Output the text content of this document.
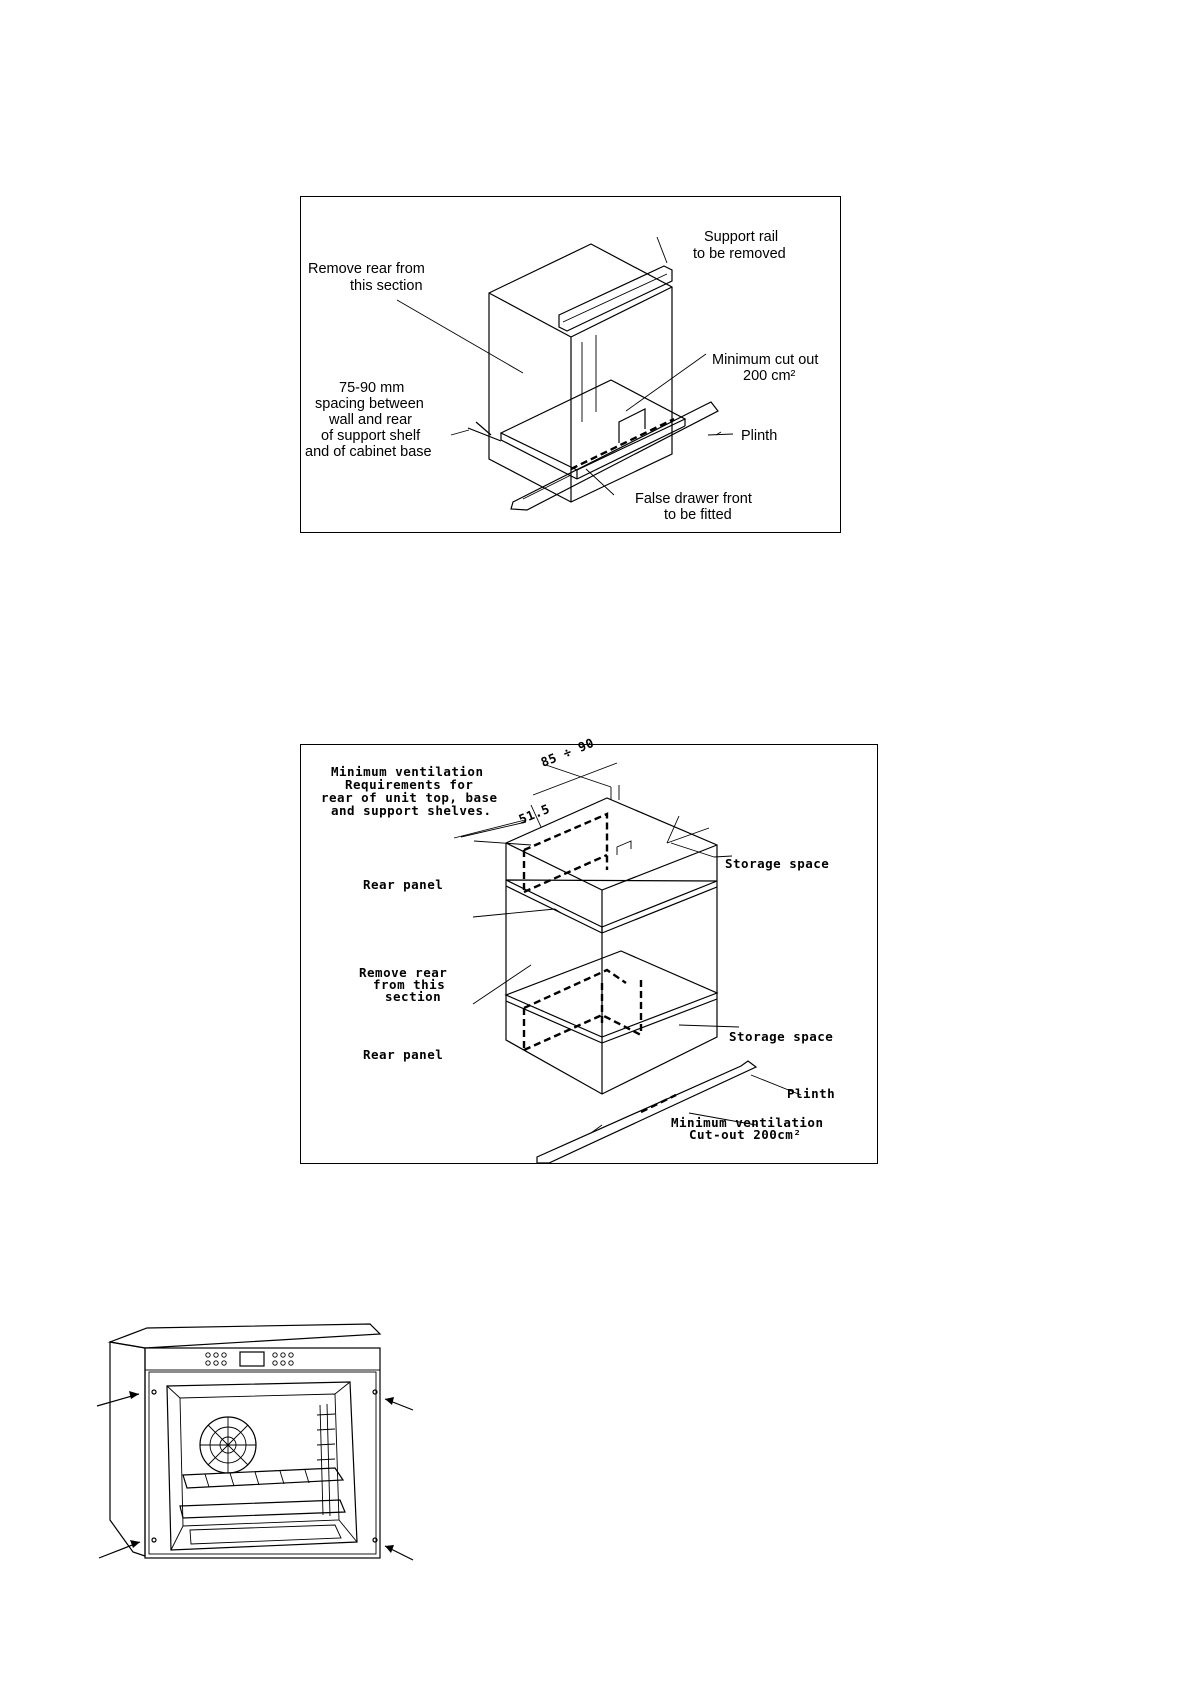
Remove rear from
this section
Support rail
to be removed
Minimum cut out
200 cm²
75-90 mm
spacing between
wall and rear
of support shelf
and of cabinet base
Plinth
False drawer front
to be fitted
Minimum ventilation
Requirements for
rear of unit top, base
and support shelves.
85 ÷ 90
51.5
Storage space
Rear panel
Remove rear
from this
section
Rear panel
Storage space
Plinth
Minimum ventilation
Cut-out 200cm²
